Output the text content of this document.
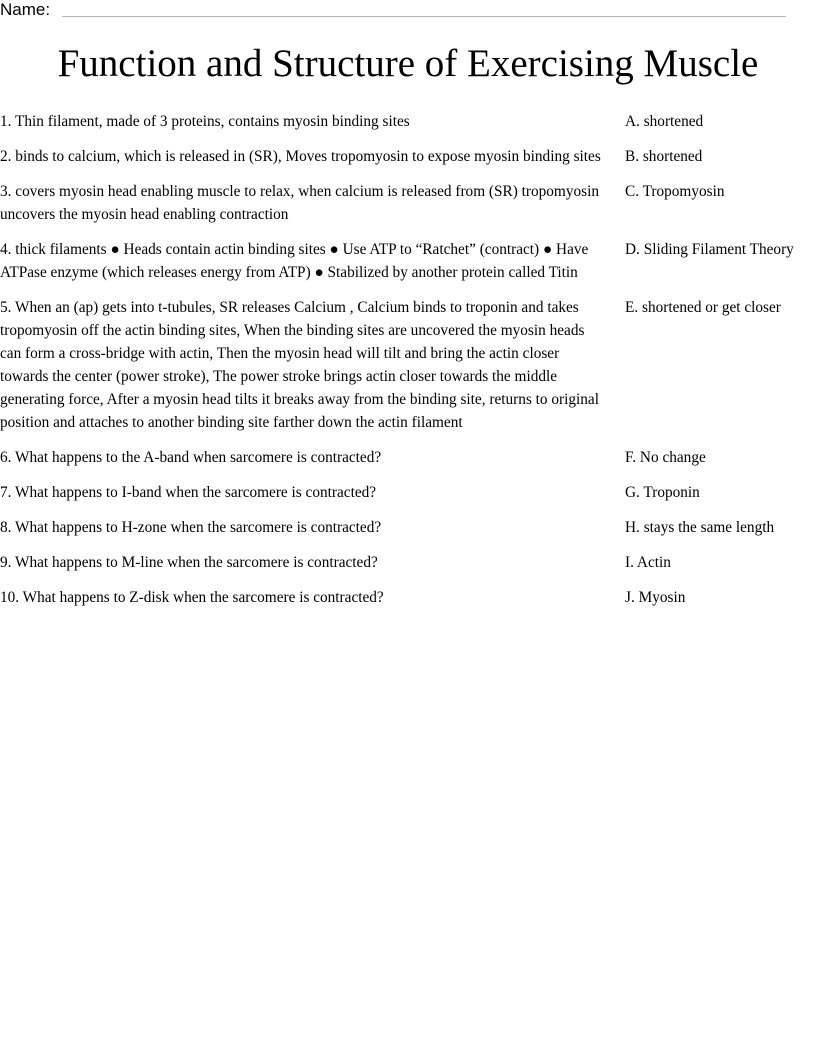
Name:
Function and Structure of Exercising Muscle
1. Thin filament, made of 3 proteins, contains myosin binding sites	A. shortened
2. binds to calcium, which is released in (SR), Moves tropomyosin to expose myosin binding sites B. shortened
3. covers myosin head enabling muscle to relax, when calcium is released from (SR) tropomyosin uncovers the myosin head enabling contraction
C. Tropomyosin
4. thick filaments ● Heads contain actin binding sites ● Use ATP to “Ratchet” (contract) ● Have ATPase enzyme (which releases energy from ATP) ● Stabilized by another protein called Titin
D. Sliding Filament Theory
5. When an (ap) gets into t-tubules, SR releases Calcium , Calcium binds to troponin and takes tropomyosin off the actin binding sites, When the binding sites are uncovered the myosin heads can form a cross-bridge with actin, Then the myosin head will tilt and bring the actin closer towards the center (power stroke), The power stroke brings actin closer towards the middle generating force, After a myosin head tilts it breaks away from the binding site, returns to original position and attaches to another binding site farther down the actin filament
E. shortened or get closer
6. What happens to the A-band when sarcomere is contracted?	F. No change
7. What happens to I-band when the sarcomere is contracted?	G. Troponin
8. What happens to H-zone when the sarcomere is contracted?	H. stays the same length
9. What happens to M-line when the sarcomere is contracted?	I. Actin
10. What happens to Z-disk when the sarcomere is contracted?	J. Myosin
